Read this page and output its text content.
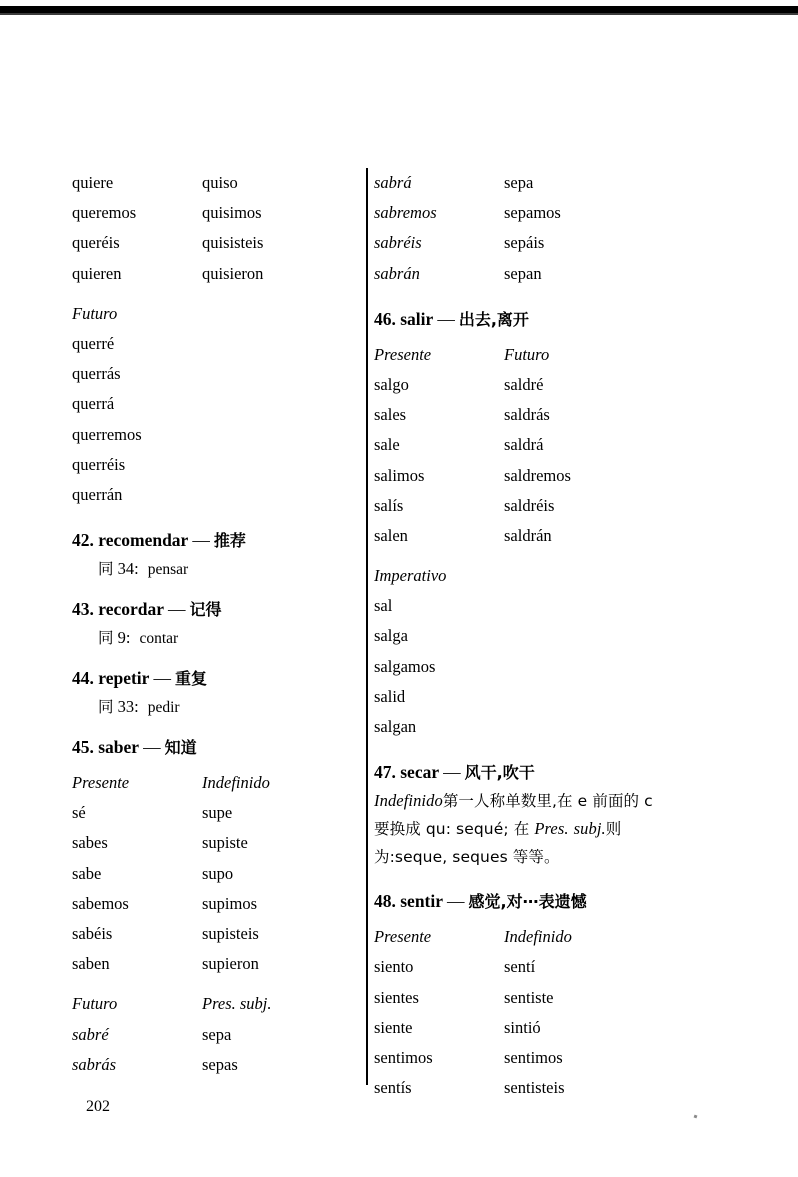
quiere	quiso
queremos	quisimos
queréis	quisisteis
quieren	quisieron
Futuro
querré
querrás
querrá
querremos
querréis
querrán
42. recomendar — 推荐
同 34: pensar
43. recordar — 记得
同 9: contar
44. repetir — 重复
同 33: pedir
45. saber — 知道
Presente	Indefinido
sé	supe
sabes	supiste
sabe	supo
sabemos	supimos
sabéis	supisteis
saben	supieron
Futuro	Pres. subj.
sabré	sepa
sabrás	sepas
sabrá	sepa
sabremos	sepamos
sabréis	sepáis
sabrán	sepan
46. salir — 出去,离开
Presente	Futuro
salgo	saldré
sales	saldrás
sale	saldrá
salimos	saldremos
salís	saldréis
salen	saldrán
Imperativo
sal
salga
salgamos
salid
salgan
47. secar — 风干,吹干
Indefinido第一人称单数里,在 e 前面的 c 要换成 qu: sequé; 在 Pres. subj.则为:seque, seques 等等。
48. sentir — 感觉,对⋯表遗憾
Presente	Indefinido
siento	sentí
sientes	sentiste
siente	sintió
sentimos	sentimos
sentís	sentisteis
202
